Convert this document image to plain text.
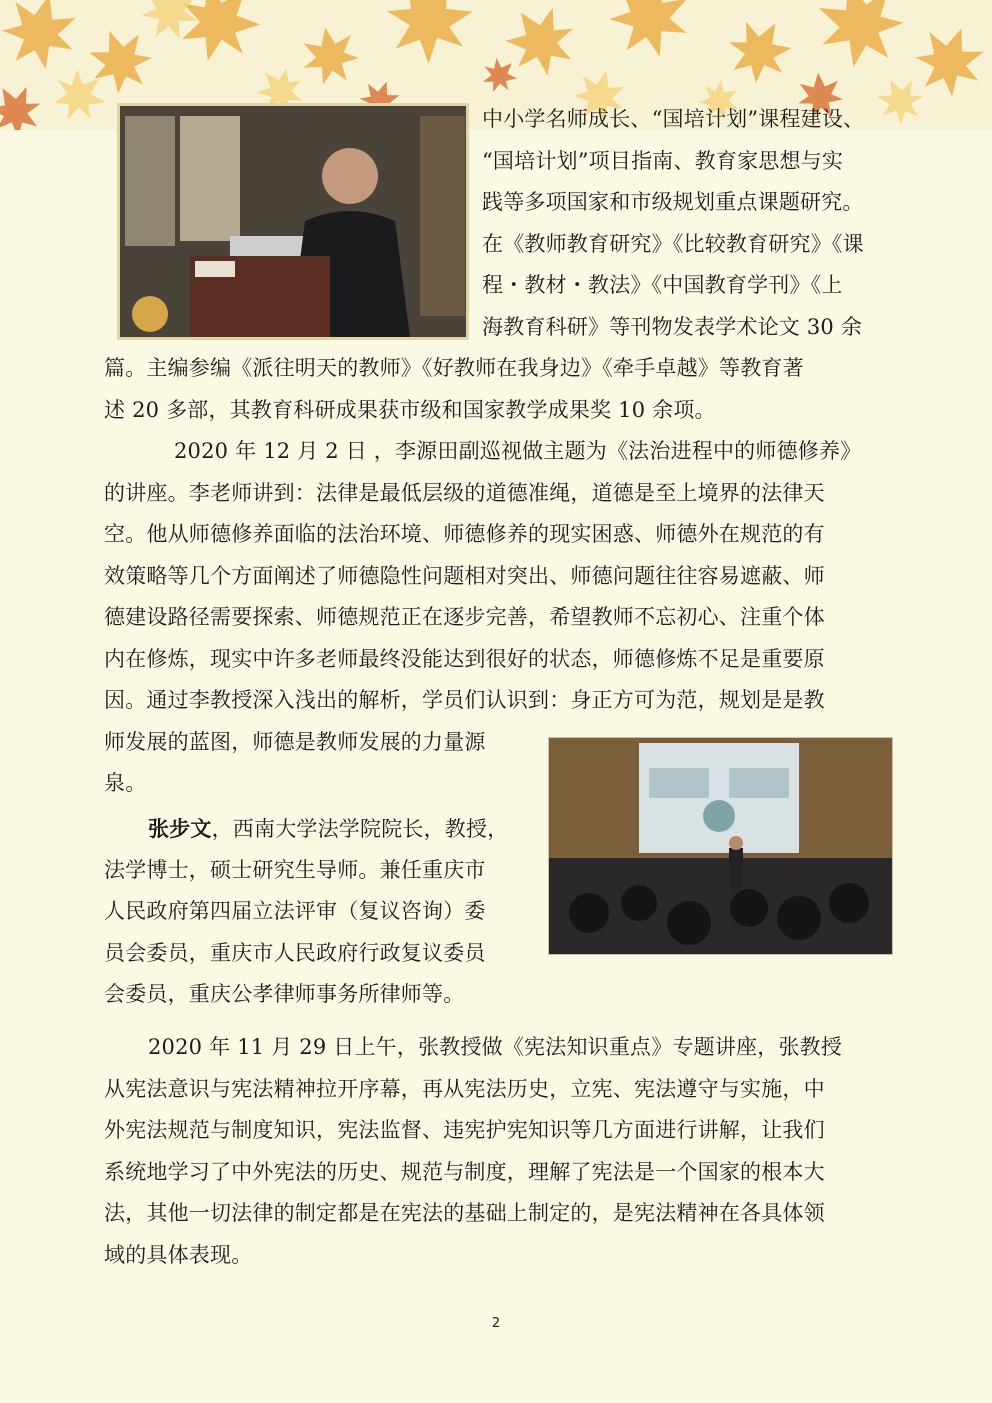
中小学名师成长、“国培计划”课程建设、
“国培计划”项目指南、教育家思想与实
践等多项国家和市级规划重点课题研究。
在《教师教育研究》《比较教育研究》《课
程・教材・教法》《中国教育学刊》《上
海教育科研》等刊物发表学术论文 30 余
篇。主编参编《派往明天的教师》《好教师在我身边》《牵手卓越》等教育著
述 20 多部，其教育科研成果获市级和国家教学成果奖 10 余项。
2020 年 12 月 2 日 ，李源田副巡视做主题为《法治进程中的师德修养》
的讲座。李老师讲到：法律是最低层级的道德准绳，道德是至上境界的法律天
空。他从师德修养面临的法治环境、师德修养的现实困惑、师德外在规范的有
效策略等几个方面阐述了师德隐性问题相对突出、师德问题往往容易遮蔽、师
德建设路径需要探索、师德规范正在逐步完善，希望教师不忘初心、注重个体
内在修炼，现实中许多老师最终没能达到很好的状态，师德修炼不足是重要原
因。通过李教授深入浅出的解析，学员们认识到：身正方可为范，规划是是教
师发展的蓝图，师德是教师发展的力量源
泉。
张步文，西南大学法学院院长，教授，
法学博士，硕士研究生导师。兼任重庆市
人民政府第四届立法评审（复议咨询）委
员会委员，重庆市人民政府行政复议委员
会委员，重庆公孝律师事务所律师等。
2020 年 11 月 29 日上午，张教授做《宪法知识重点》专题讲座，张教授
从宪法意识与宪法精神拉开序幕，再从宪法历史，立宪、宪法遵守与实施，中
外宪法规范与制度知识，宪法监督、违宪护宪知识等几方面进行讲解，让我们
系统地学习了中外宪法的历史、规范与制度，理解了宪法是一个国家的根本大
法，其他一切法律的制定都是在宪法的基础上制定的，是宪法精神在各具体领
域的具体表现。
2
